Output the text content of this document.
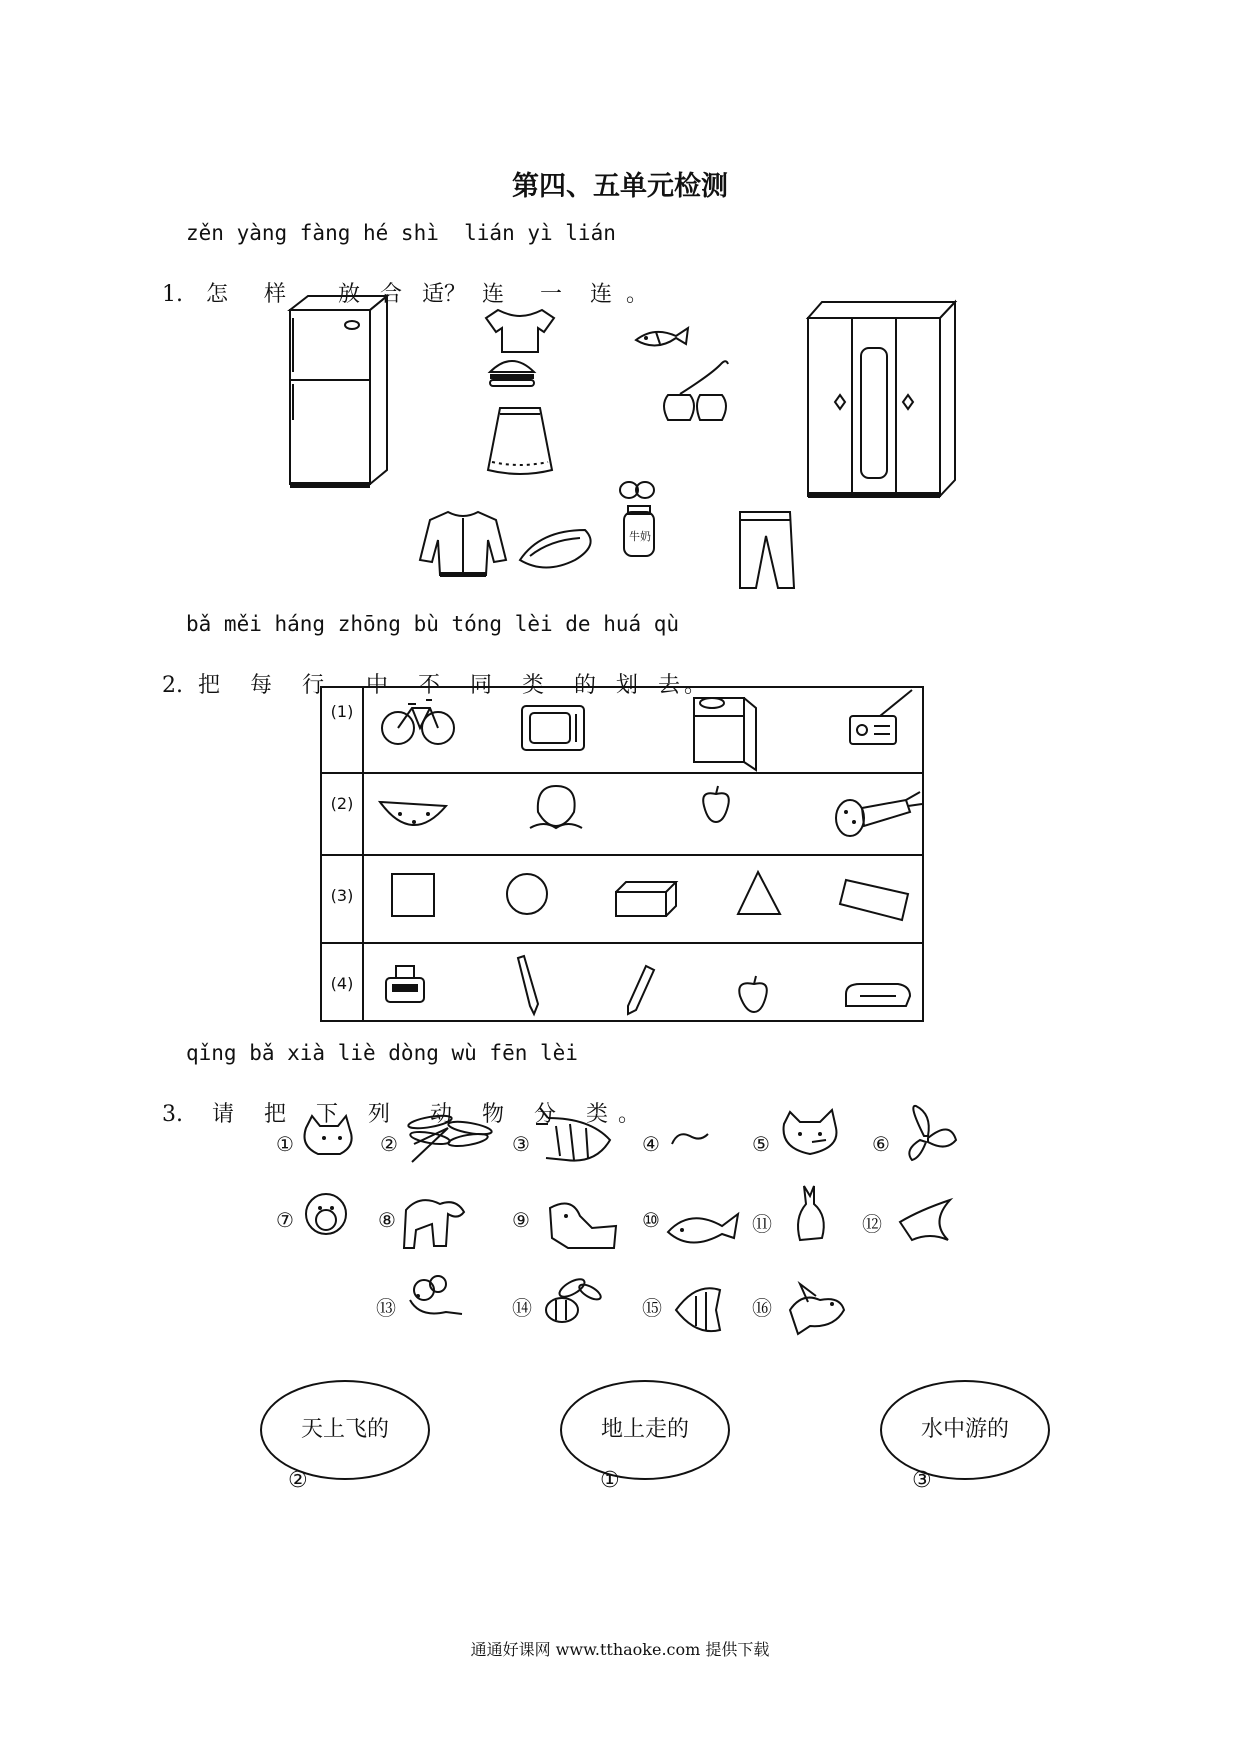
第四、五单元检测
zěn yàng fàng hé shì  lián yì lián

1. 怎 样 放 合 适？ 连 一 连 。

牛奶
bǎ měi háng zhōng bù tóng lèi de huá qù

2. 把 每 行 中 不 同 类 的 划 去 。

(1)
(2)
(3)
(4)
qǐng bǎ xià liè dòng wù fēn lèi

3. 请 把 下 列 动 物 分 类 。

①	②	③	④	⑤	⑥
⑦	⑧	⑨	⑩	⑪	⑫
⑬	⑭	⑮	⑯
天上飞的	地上走的	水中游的
②	①	③
通通好课网 www.tthaoke.com 提供下载
